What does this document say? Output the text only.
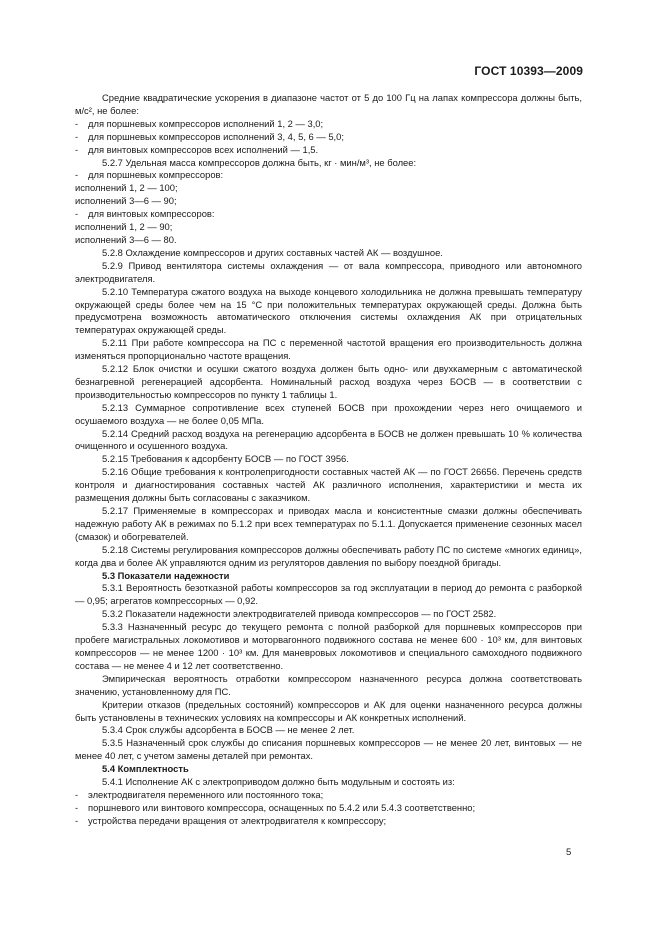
ГОСТ 10393—2009

Средние квадратические ускорения в диапазоне частот от 5 до 100 Гц на лапах компрессора должны быть, м/с², не более:

-для поршневых компрессоров исполнений 1, 2 — 3,0;

-для поршневых компрессоров исполнений 3, 4, 5, 6 — 5,0;

-для винтовых компрессоров всех исполнений — 1,5.

5.2.7 Удельная масса компрессоров должна быть, кг · мин/м³, не более:

-для поршневых компрессоров:

исполнений 1, 2 — 100;

исполнений 3—6 — 90;

-для винтовых компрессоров:

исполнений 1, 2 — 90;

исполнений 3—6 — 80.

5.2.8 Охлаждение компрессоров и других составных частей АК — воздушное.

5.2.9 Привод вентилятора системы охлаждения — от вала компрессора, приводного или автономного электродвигателя.

5.2.10 Температура сжатого воздуха на выходе концевого холодильника не должна превышать температуру окружающей среды более чем на 15 °С при положительных температурах окружающей среды. Должна быть предусмотрена возможность автоматического отключения системы охлаждения АК при отрицательных температурах окружающей среды.

5.2.11 При работе компрессора на ПС с переменной частотой вращения его производительность должна изменяться пропорционально частоте вращения.

5.2.12 Блок очистки и осушки сжатого воздуха должен быть одно- или двухкамерным с автоматической безнагревной регенерацией адсорбента. Номинальный расход воздуха через БОСВ — в соответствии с производительностью компрессоров по пункту 1 таблицы 1.

5.2.13 Суммарное сопротивление всех ступеней БОСВ при прохождении через него очищаемого и осушаемого воздуха — не более 0,05 МПа.

5.2.14 Средний расход воздуха на регенерацию адсорбента в БОСВ не должен превышать 10 % количества очищенного и осушенного воздуха.

5.2.15 Требования к адсорбенту БОСВ — по ГОСТ 3956.

5.2.16 Общие требования к контролепригодности составных частей АК — по ГОСТ 26656. Перечень средств контроля и диагностирования составных частей АК различного исполнения, характеристики и места их размещения должны быть согласованы с заказчиком.

5.2.17 Применяемые в компрессорах и приводах масла и консистентные смазки должны обеспечивать надежную работу АК в режимах по 5.1.2 при всех температурах по 5.1.1. Допускается применение сезонных масел (смазок) и обогревателей.

5.2.18 Системы регулирования компрессоров должны обеспечивать работу ПС по системе «многих единиц», когда два и более АК управляются одним из регуляторов давления по выбору поездной бригады.

5.3 Показатели надежности

5.3.1 Вероятность безотказной работы компрессоров за год эксплуатации в период до ремонта с разборкой — 0,95; агрегатов компрессорных — 0,92.

5.3.2 Показатели надежности электродвигателей привода компрессоров — по ГОСТ 2582.

5.3.3 Назначенный ресурс до текущего ремонта с полной разборкой для поршневых компрессоров при пробеге магистральных локомотивов и моторвагонного подвижного состава не менее 600 · 10³ км, для винтовых компрессоров — не менее 1200 · 10³ км. Для маневровых локомотивов и специального самоходного подвижного состава — не менее 4 и 12 лет соответственно.

Эмпирическая вероятность отработки компрессором назначенного ресурса должна соответствовать значению, установленному для ПС.

Критерии отказов (предельных состояний) компрессоров и АК для оценки назначенного ресурса должны быть установлены в технических условиях на компрессоры и АК конкретных исполнений.

5.3.4 Срок службы адсорбента в БОСВ — не менее 2 лет.

5.3.5 Назначенный срок службы до списания поршневых компрессоров — не менее 20 лет, винтовых — не менее 40 лет, с учетом замены деталей при ремонтах.

5.4 Комплектность

5.4.1 Исполнение АК с электроприводом должно быть модульным и состоять из:

-электродвигателя переменного или постоянного тока;

-поршневого или винтового компрессора, оснащенных по 5.4.2 или 5.4.3 соответственно;

-устройства передачи вращения от электродвигателя к компрессору;

5
